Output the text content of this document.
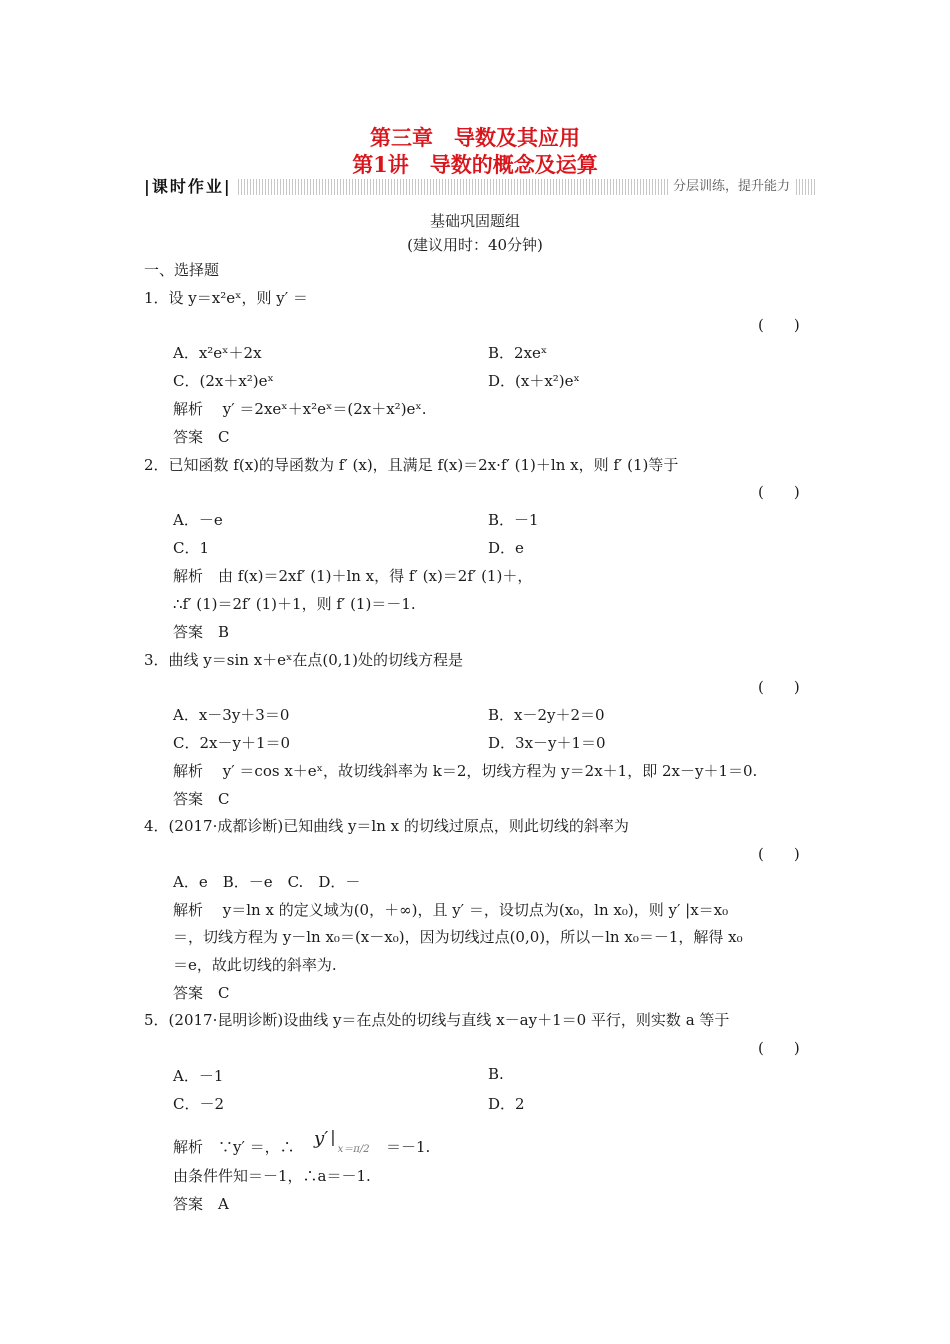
第三章　导数及其应用
第1讲　导数的概念及运算
|课时作业|	分层训练，提升能力
基础巩固题组
(建议用时：40分钟)
一、选择题
1．设 y＝x²eˣ，则 y′ ＝
(　　)
A．x²eˣ＋2x	B．2xeˣ
C．(2x＋x²)eˣ	D．(x＋x²)eˣ
解析　 y′ ＝2xeˣ＋x²eˣ＝(2x＋x²)eˣ.
答案　C
2．已知函数 f(x)的导函数为 f′ (x)，且满足 f(x)＝2x·f′ (1)＋ln x，则 f′ (1)等于
(　　)
A．－e	B．－1
C．1	D．e
解析　由 f(x)＝2xf′ (1)＋ln x，得 f′ (x)＝2f′ (1)＋，
∴f′ (1)＝2f′ (1)＋1，则 f′ (1)＝－1.
答案　B
3．曲线 y＝sin x＋eˣ在点(0,1)处的切线方程是
(　　)
A．x－3y＋3＝0	B．x－2y＋2＝0
C．2x－y＋1＝0	D．3x－y＋1＝0
解析　 y′ ＝cos x＋eˣ，故切线斜率为 k＝2，切线方程为 y＝2x＋1，即 2x－y＋1＝0.
答案　C
4．(2017·成都诊断)已知曲线 y＝ln x 的切线过原点，则此切线的斜率为
(　　)
A．e　B．－e　C.　D．－
解析　 y＝ln x 的定义域为(0，＋∞)，且 y′ ＝，设切点为(x₀，ln x₀)，则 y′ |x＝x₀
＝，切线方程为 y－ln x₀＝(x－x₀)，因为切线过点(0,0)，所以－ln x₀＝－1，解得 x₀
＝e，故此切线的斜率为.
答案　C
5．(2017·昆明诊断)设曲线 y＝在点处的切线与直线 x－ay＋1＝0 平行，则实数 a 等于
(　　)
A．－1	B.
C．－2	D．2
解析　∵y′ ＝，∴ y′ $|_{x=\pi/2} =-1$.
由条件件知＝－1，∴a＝－1.
答案　A
